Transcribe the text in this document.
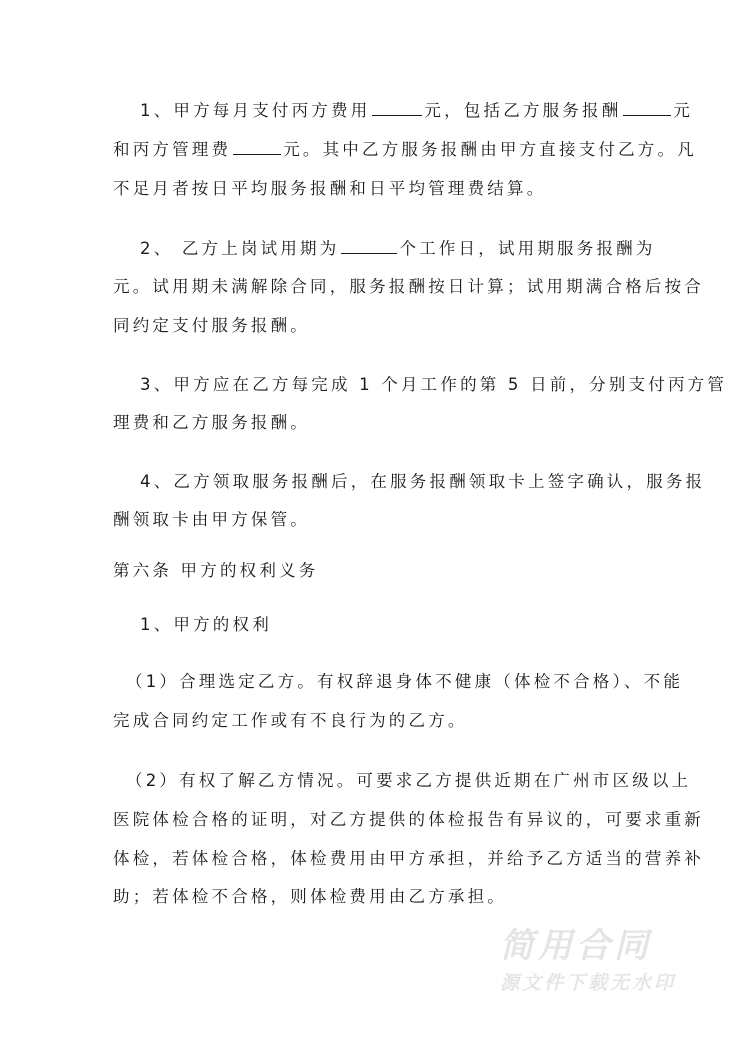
1、甲方每月支付丙方费用	元，包括乙方服务报酬	元
和丙方管理费	元。其中乙方服务报酬由甲方直接支付乙方。凡
不足月者按日平均服务报酬和日平均管理费结算。
2、 乙方上岗试用期为	个工作日，试用期服务报酬为
元。试用期未满解除合同，服务报酬按日计算；试用期满合格后按合
同约定支付服务报酬。
3、甲方应在乙方每完成 1 个月工作的第 5 日前，分别支付丙方管
理费和乙方服务报酬。
4、乙方领取服务报酬后，在服务报酬领取卡上签字确认，服务报
酬领取卡由甲方保管。
第六条 甲方的权利义务
1、甲方的权利
（1）合理选定乙方。有权辞退身体不健康（体检不合格）、不能
完成合同约定工作或有不良行为的乙方。
（2）有权了解乙方情况。可要求乙方提供近期在广州市区级以上
医院体检合格的证明，对乙方提供的体检报告有异议的，可要求重新
体检，若体检合格，体检费用由甲方承担，并给予乙方适当的营养补
助；若体检不合格，则体检费用由乙方承担。
简用合同
源文件下载无水印
